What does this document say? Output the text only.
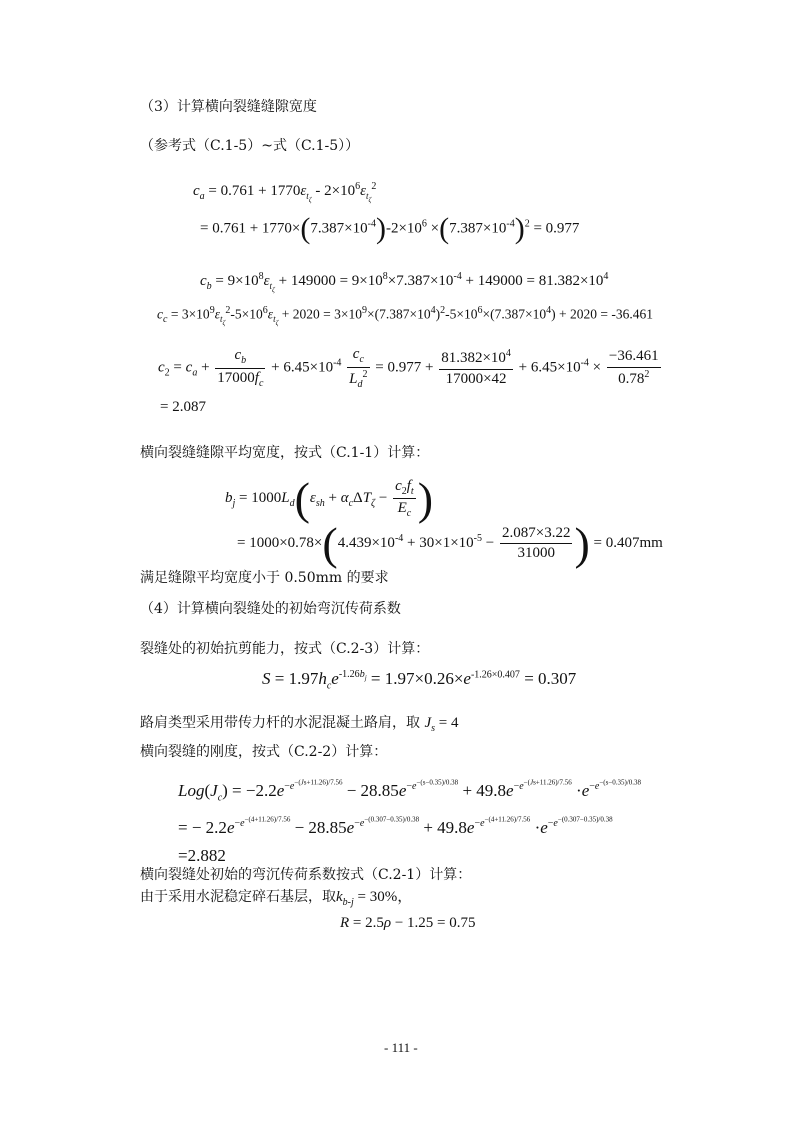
（3）计算横向裂缝缝隙宽度
（参考式（C.1-5）~式（C.1-5））
$c_a = 0.761 + 1770\varepsilon_{t_\zeta} - 2\times 10^6\varepsilon_{t_\zeta}^2$
= $0.761 + 1770\times(7.387\times 10^{-4})-2\times 10^6 \times(7.387\times 10^{-4})^2 = 0.977$
$c_b = 9\times 10^8\varepsilon_{t_\zeta} + 149000 = 9\times 10^8\times 7.387\times 10^{-4} + 149000 = 81.382\times 10^4$
$c_c = 3\times 10^9\varepsilon_{t_\zeta}^2-5\times 10^6\varepsilon_{t_\zeta} + 2020 = 3\times 10^9\times(7.387\times 10^4)^2-5\times 10^6\times(7.387\times 10^4) + 2020 = -36.461$
$c_2 = c_a + \frac{c_b}{17000f_c} + 6.45\times 10^{-4} \frac{c_c}{L_d^2} = 0.977 + \frac{81.382\times 10^4}{17000\times 42} + 6.45\times 10^{-4} \times \frac{-36.461}{0.78^2}$
= 2.087
横向裂缝缝隙平均宽度，按式（C.1-1）计算：
$b_j = 1000L_d(\varepsilon_{sh} + \alpha_c\Delta T_\zeta - \frac{c_2f_t}{E_c}$ )
= $1000\times 0.78\times(4.439\times 10^{-4} + 30\times 1\times 10^{-5} - \frac{2.087\times 3.22}{31000}$ ) = 0.407mm
满足缝隙平均宽度小于 0.50mm 的要求
（4）计算横向裂缝处的初始弯沉传荷系数
裂缝处的初始抗剪能力，按式（C.2-3）计算：
$S = 1.97h_ce^{-1.26b_j} = 1.97\times 0.26\times e^{-1.26\times 0.407} = 0.307$
路肩类型采用带传力杆的水泥混凝土路肩，取 $J_s = 4$
横向裂缝的刚度，按式（C.2-2）计算：
$Log(J_c) = -2.2e^{-e^{-(Js+11.26)/7.56}} - 28.85e^{-e^{-(s-0.35)/0.38}} + 49.8e^{-e^{-(Js+11.26)/7.56}} \cdot e^{-e^{-(s-0.35)/0.38}}$
= − $2.2e^{-e^{-(4+11.26)/7.56}} - 28.85e^{-e^{-(0.307-0.35)/0.38}} + 49.8e^{-e^{-(4+11.26)/7.56}} \cdot e^{-e^{-(0.307-0.35)/0.38}}$
=2.882
横向裂缝处初始的弯沉传荷系数按式（C.2-1）计算：
由于采用水泥稳定碎石基层，取$k_{b-j} = 30\%$，
R = 2.5ρ − 1.25 = 0.75
- 111 -
